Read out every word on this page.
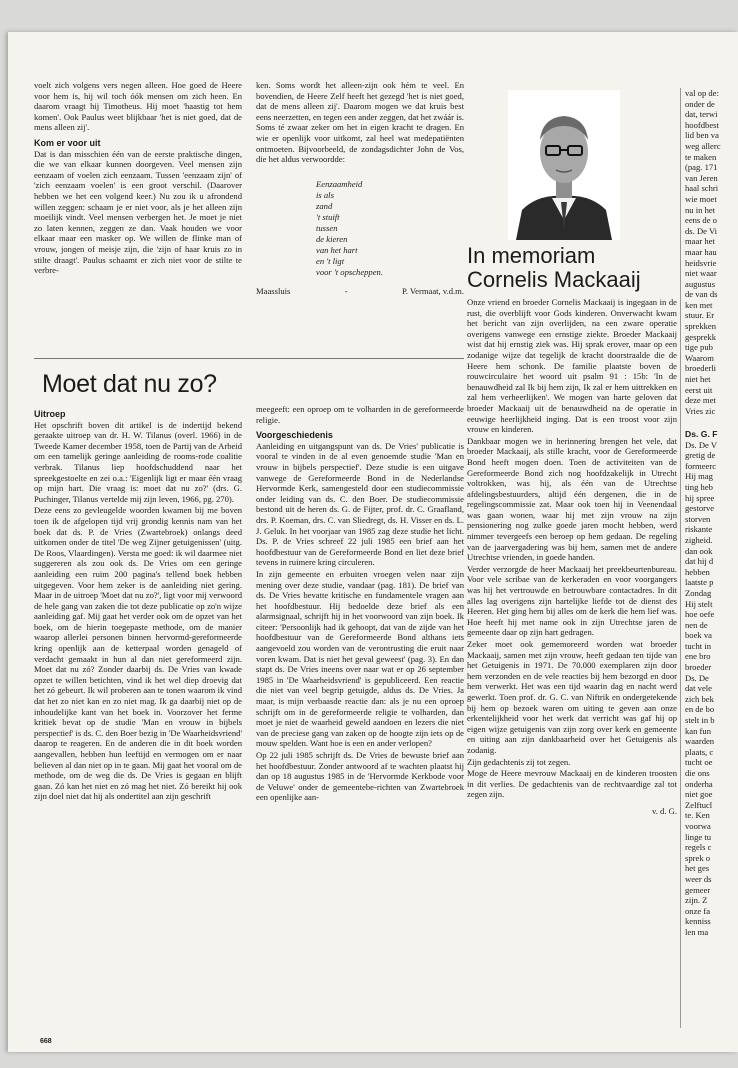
voelt zich volgens vers negen alleen. Hoe goed de Heere voor hem is, hij wil toch óók mensen om zich heen. En daarom vraagt hij Timotheus. Hij moet 'haastig tot hem komen'. Ook Paulus weet blijkbaar 'het is niet goed, dat de mens alleen zij'.

Kom er voor uit

Dat is dan misschien één van de eerste praktische dingen, die we van elkaar kunnen doorgeven. Veel mensen zijn eenzaam of voelen zich eenzaam. Tussen 'eenzaam zijn' of 'zich eenzaam voelen' is een groot verschil. (Daarover hebben we het een volgend keer.) Nu zou ik u afrondend willen zeggen: schaam je er niet voor, als je het alleen zijn moeilijk vindt. Veel mensen verbergen het. Je moet je niet zo laten kennen, zeggen ze dan. Vaak houden we voor elkaar maar een masker op. We willen de flinke man of vrouw, jongen of meisje zijn, die 'zijn of haar kruis zo in stilte draagt'. Paulus schaamt er zich niet voor de stilte te verbre-

ken. Soms wordt het alleen-zijn ook hém te veel. En bovendien, de Heere Zelf heeft het gezegd 'het is niet goed, dat de mens alleen zij'. Daarom mogen we dat kruis best eens neerzetten, en tegen een ander zeggen, dat het zwáár is. Soms té zwaar zeker om het in eigen kracht te dragen. En wie er openlijk voor uitkomt, zal heel wat medepatiënten ontmoeten. Bijvoorbeeld, de zondagsdichter John de Vos, die het aldus verwoordde:

Eenzaamheid
is als
zand
't stuift
tussen
de kieren
van het hart
en 't ligt
voor 't opscheppen.
Maassluis	-	P. Vermaat, v.d.m.
Moet dat nu zo?
Uitroep

Het opschrift boven dit artikel is de indertijd bekend geraakte uitroep van dr. H. W. Tilanus (overl. 1966) in de Tweede Kamer december 1958, toen de Partij van de Arbeid om een tamelijk geringe aanleiding de rooms-rode coalitie verbrak. Tilanus liep hoofdschuddend naar het spreekgestoelte en zei o.a.: 'Eigenlijk ligt er maar één vraag op mijn hart. Die vraag is: moet dat nu zo?' (drs. G. Puchinger, Tilanus vertelde mij zijn leven, 1966, pg. 270).

Deze eens zo gevleugelde woorden kwamen bij me boven toen ik de afgelopen tijd vrij grondig kennis nam van het boek dat ds. P. de Vries (Zwartebroek) onlangs deed uitkomen onder de titel 'De weg Zijner getuigenissen' (uitg. De Roos, Vlaardingen). Versta me goed: ik wil daarmee niet suggereren als zou ook ds. De Vries om een geringe aanleiding een ruim 200 pagina's tellend boek hebben uitgegeven. Voor hem zeker is de aanleiding niet gering. Maar in de uitroep 'Moet dat nu zo?', ligt voor mij verwoord de hele gang van zaken die tot deze publicatie op zo'n wijze aanleiding gaf. Mij gaat het verder ook om de opzet van het boek, om de hierin toegepaste methode, om de manier waarop allerlei personen binnen hervormd-gereformeerde kring openlijk aan de ketterpaal worden genageld of verdacht gemaakt in hun al dan niet gereformeerd zijn. Moet dat nu zó? Zonder daarbij ds. De Vries van kwade opzet te willen betichten, vind ik het wel diep droevig dat het zó gebeurt. Ik wil proberen aan te tonen waarom ik vind dat het zo niet kan en zo niet mag. Ik ga daarbij niet op de inhoudelijke kant van het boek in. Voorzover het ferme kritiek bevat op de studie 'Man en vrouw in bijbels perspectief' is ds. C. den Boer bezig in 'De Waarheidsvriend' daarop te reageren. En de anderen die in dit boek worden aangevallen, hebben hun leeftijd en vermogen om er naar believen al dan niet op in te gaan. Mij gaat het vooral om de methode, om de weg die ds. De Vries is gegaan en blijft gaan. Zó kan het niet en zó mag het niet. Zó bereikt hij ook zijn doel niet dat hij als ondertitel aan zijn geschrift

meegeeft: een oproep om te volharden in de gereformeerde religie.

Voorgeschiedenis

Aanleiding en uitgangspunt van ds. De Vries' publicatie is vooral te vinden in de al even genoemde studie 'Man en vrouw in bijbels perspectief'. Deze studie is een uitgave vanwege de Gereformeerde Bond in de Nederlandse Hervormde Kerk, samengesteld door een studiecommissie onder leiding van ds. C. den Boer. De studiecommissie bestond uit de heren ds. G. de Fijter, prof. dr. C. Graafland, drs. P. Koeman, drs. C. van Sliedregt, ds. H. Visser en ds. L. J. Geluk. In het voorjaar van 1985 zag deze studie het licht. Ds. P. de Vries schreef 22 juli 1985 een brief aan het hoofdbestuur van de Gereformeerde Bond en liet deze brief tevens in ruimere kring circuleren.

In zijn gemeente en erbuiten vroegen velen naar zijn mening over deze studie, vandaar (pag. 181). De brief van ds. De Vries bevatte kritische en fundamentele vragen aan het hoofdbestuur. Hij bedoelde deze brief als een alarmsignaal, schrijft hij in het voorwoord van zijn boek. Ik citeer: 'Persoonlijk had ik gehoopt, dat van de zijde van het hoofdbestuur van de Gereformeerde Bond althans iets aangevoeld zou worden van de verontrusting die eruit naar voren kwam. Dat is niet het geval geweest' (pag. 3). En dan stapt ds. De Vries ineens over naar wat er op 26 september 1985 in 'De Waarheidsvriend' is gepubliceerd. Een reactie die niet van veel begrip getuigde, aldus ds. De Vries. Ja maar, is mijn verbaasde reactie dan: als je nu een oproep schrijft om in de gereformeerde religie te volharden, dan moet je niet de waarheid geweld aandoen en lezers die niet van de preciese gang van zaken op de hoogte zijn iets op de mouw spelden. Want hoe is een en ander verlopen?

Op 22 juli 1985 schrijft ds. De Vries de bewuste brief aan het hoofdbestuur. Zonder antwoord af te wachten plaatst hij dan op 18 augustus 1985 in de 'Hervormde Kerkbode voor de Veluwe' onder de gemeentebe-richten van Zwartebroek een openlijke aan-

In memoriam
Cornelis Mackaaij

Onze vriend en broeder Cornelis Mackaaij is ingegaan in de rust, die overblijft voor Gods kinderen. Onverwacht kwam het bericht van zijn overlijden, na een zware operatie overigens vanwege een ernstige ziekte. Broeder Mackaaij wist dat hij ernstig ziek was. Hij sprak erover, maar op een zodanige wijze dat tegelijk de kracht doorstraalde die de Heere hem schonk. De familie plaatste boven de rouwcirculaire het woord uit psalm 91 : 15b: 'In de benauwdheid zal Ik bij hem zijn, Ik zal er hem uittrekken en zal hem verheerlijken'. We mogen van harte geloven dat broeder Mackaaij uit de benauwdheid na de operatie in eeuwige heerlijkheid inging. Dat is een troost voor zijn vrouw en kinderen.

Dankbaar mogen we in herinnering brengen het vele, dat broeder Mackaaij, als stille kracht, voor de Gereformeerde Bond heeft mogen doen. Toen de activiteiten van de Gereformeerde Bond zich nog hoofdzakelijk in Utrecht voltrokken, was hij, als één van de Utrechtse afdelingsbestuurders, altijd één dergenen, die in de regelingscommissie zat. Maar ook toen hij in Veenendaal was gaan wonen, waar hij met zijn vrouw na zijn pensionering nog zulke goede jaren mocht hebben, werd nimmer tevergeefs een beroep op hem gedaan. De regeling van de jaarvergadering was bij hem, samen met de andere Utrechtse vrienden, in goede handen.

Verder verzorgde de heer Mackaaij het preekbeurtenbureau. Voor vele scribae van de kerkeraden en voor voorgangers was hij het vertrouwde en betrouwbare contactadres. In dit alles lag overigens zijn hartelijke liefde tot de dienst des Heeren. Het ging hem bij alles om de kerk die hem lief was. Hoe heeft hij met name ook in zijn Utrechtse jaren de gemeente daar op zijn hart gedragen.

Zeker moet ook gememoreerd worden wat broeder Mackaaij, samen met zijn vrouw, heeft gedaan ten tijde van het Getuigenis in 1971. De 70.000 exemplaren zijn door hem verzonden en de vele reacties bij hem bezorgd en door hem verwerkt. Het was een tijd waarin dag en nacht werd gewerkt. Toen prof. dr. G. C. van Niftrik en ondergetekende bij hem op bezoek waren om uiting te geven aan onze erkentelijkheid voor het werk dat verricht was gaf hij op eigen wijze getuigenis van zijn zorg over kerk en gemeente en uiting aan zijn dankbaarheid over het Getuigenis als zodanig.

Zijn gedachtenis zij tot zegen.

Moge de Heere mevrouw Mackaaij en de kinderen troosten in dit verlies. De gedachtenis van de rechtvaardige zal tot zegen zijn.

v. d. G.
val op de:
onder de
dat, terwi
hoofdbest
lid ben va
weg allerc
te maken
(pag. 171
van Jeren
haal schri
wie moet
nu in het
eens de o
ds. De Vi
maar het
maar hau
heidsvrie
niet waar
augustus
de van ds
ken met
stuur. Er
sprekken
gesprekk
tige pub
Waarom
broederli
niet het
eerst uit
deze met
Vries zic
Ds. G. F
Ds. De V
gretig de
formeerc
Hij mag
ting heb
hij spree
gestorve
storven
riskante
zigheid.
dan ook
dat hij d
hebben
laatste p
Zondag
Hij stelt
hoe oefe
nen de
boek va
tucht in
ene bro
broeder
Ds. De
dat vele
zich bek
en de bo
stelt in b
kan fun
waarden
plaats, c
tucht oe
die ons
onderha
niet goe
Zelftucl
te. Ken
voorwa
linge tu
regels c
sprek o
het ges
weer ds
gemeer
zijn. Z
onze fa
kenniss
len ma
668
